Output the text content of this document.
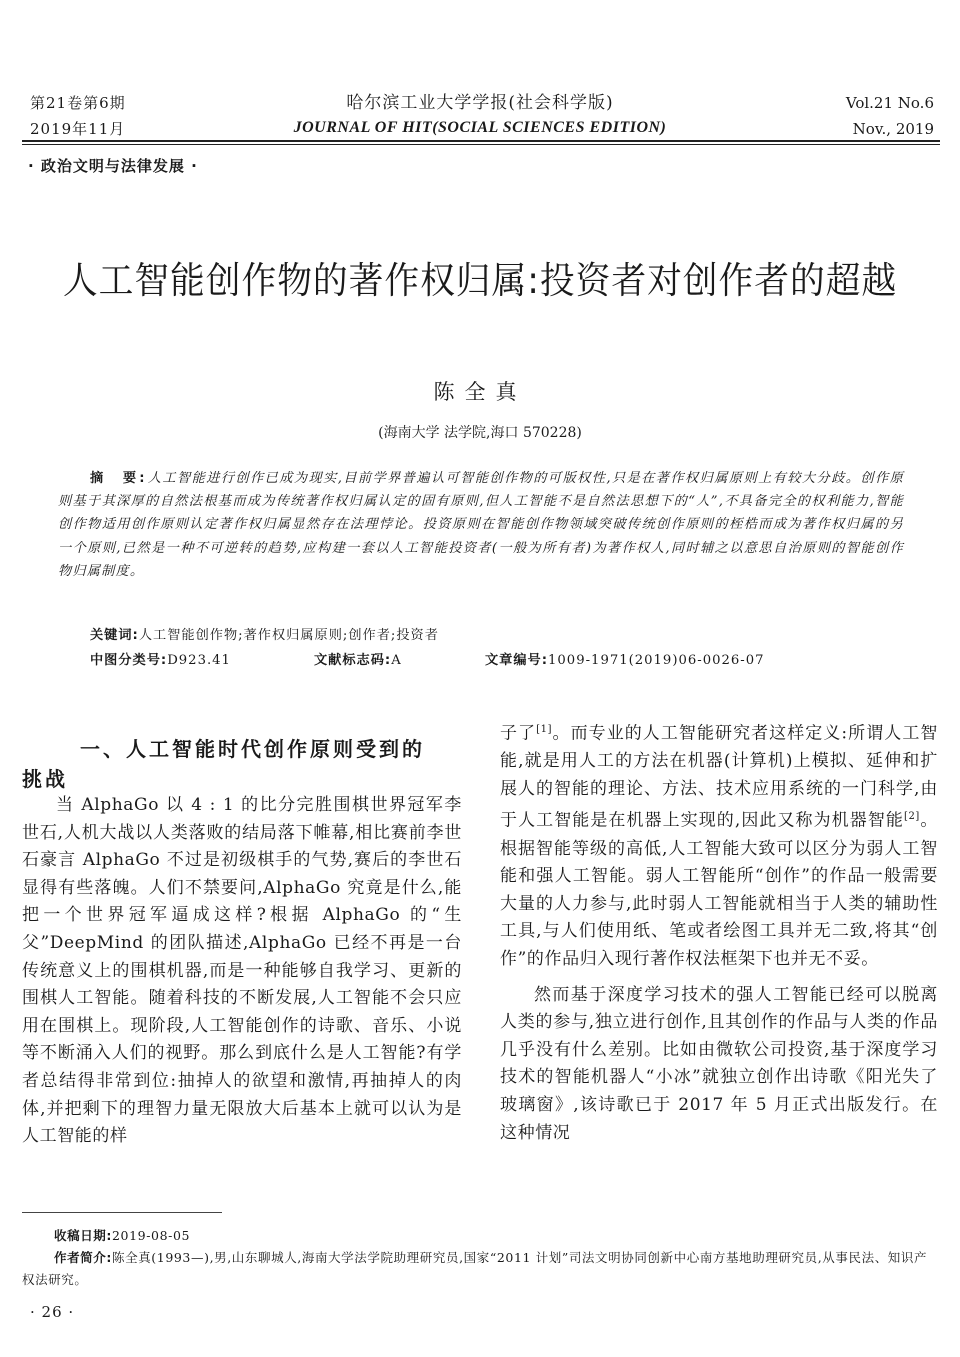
第21卷第6期
2019年11月
哈尔滨工业大学学报(社会科学版)
JOURNAL OF HIT(SOCIAL SCIENCES EDITION)
Vol.21 No.6
Nov., 2019
· 政治文明与法律发展 ·
人工智能创作物的著作权归属:投资者对创作者的超越
陈全真
(海南大学 法学院,海口 570228)
摘　要:人工智能进行创作已成为现实,目前学界普遍认可智能创作物的可版权性,只是在著作权归属原则上有较大分歧。创作原则基于其深厚的自然法根基而成为传统著作权归属认定的固有原则,但人工智能不是自然法思想下的“人”,不具备完全的权利能力,智能创作物适用创作原则认定著作权归属显然存在法理悖论。投资原则在智能创作物领域突破传统创作原则的桎梏而成为著作权归属的另一个原则,已然是一种不可逆转的趋势,应构建一套以人工智能投资者(一般为所有者)为著作权人,同时辅之以意思自治原则的智能创作物归属制度。
关键词:人工智能创作物;著作权归属原则;创作者;投资者
中图分类号:D923.41	文献标志码:A	文章编号:1009-1971(2019)06-0026-07
一、人工智能时代创作原则受到的
挑战

当 AlphaGo 以 4 : 1 的比分完胜围棋世界冠军李世石,人机大战以人类落败的结局落下帷幕,相比赛前李世石豪言 AlphaGo 不过是初级棋手的气势,赛后的李世石显得有些落魄。人们不禁要问,AlphaGo 究竟是什么,能把一个世界冠军逼成这样?根据 AlphaGo 的“生父”DeepMind 的团队描述,AlphaGo 已经不再是一台传统意义上的围棋机器,而是一种能够自我学习、更新的围棋人工智能。随着科技的不断发展,人工智能不会只应用在围棋上。现阶段,人工智能创作的诗歌、音乐、小说等不断涌入人们的视野。那么到底什么是人工智能?有学者总结得非常到位:抽掉人的欲望和激情,再抽掉人的肉体,并把剩下的理智力量无限放大后基本上就可以认为是人工智能的样

子了[1]。而专业的人工智能研究者这样定义:所谓人工智能,就是用人工的方法在机器(计算机)上模拟、延伸和扩展人的智能的理论、方法、技术应用系统的一门科学,由于人工智能是在机器上实现的,因此又称为机器智能[2]。根据智能等级的高低,人工智能大致可以区分为弱人工智能和强人工智能。弱人工智能所“创作”的作品一般需要大量的人力参与,此时弱人工智能就相当于人类的辅助性工具,与人们使用纸、笔或者绘图工具并无二致,将其“创作”的作品归入现行著作权法框架下也并无不妥。

然而基于深度学习技术的强人工智能已经可以脱离人类的参与,独立进行创作,且其创作的作品与人类的作品几乎没有什么差别。比如由微软公司投资,基于深度学习技术的智能机器人“小冰”就独立创作出诗歌《阳光失了玻璃窗》,该诗歌已于 2017 年 5 月正式出版发行。在这种情况

收稿日期:2019-08-05
作者简介:陈全真(1993—),男,山东聊城人,海南大学法学院助理研究员,国家“2011 计划”司法文明协同创新中心南方基地助理研究员,从事民法、知识产权法研究。
· 26 ·
